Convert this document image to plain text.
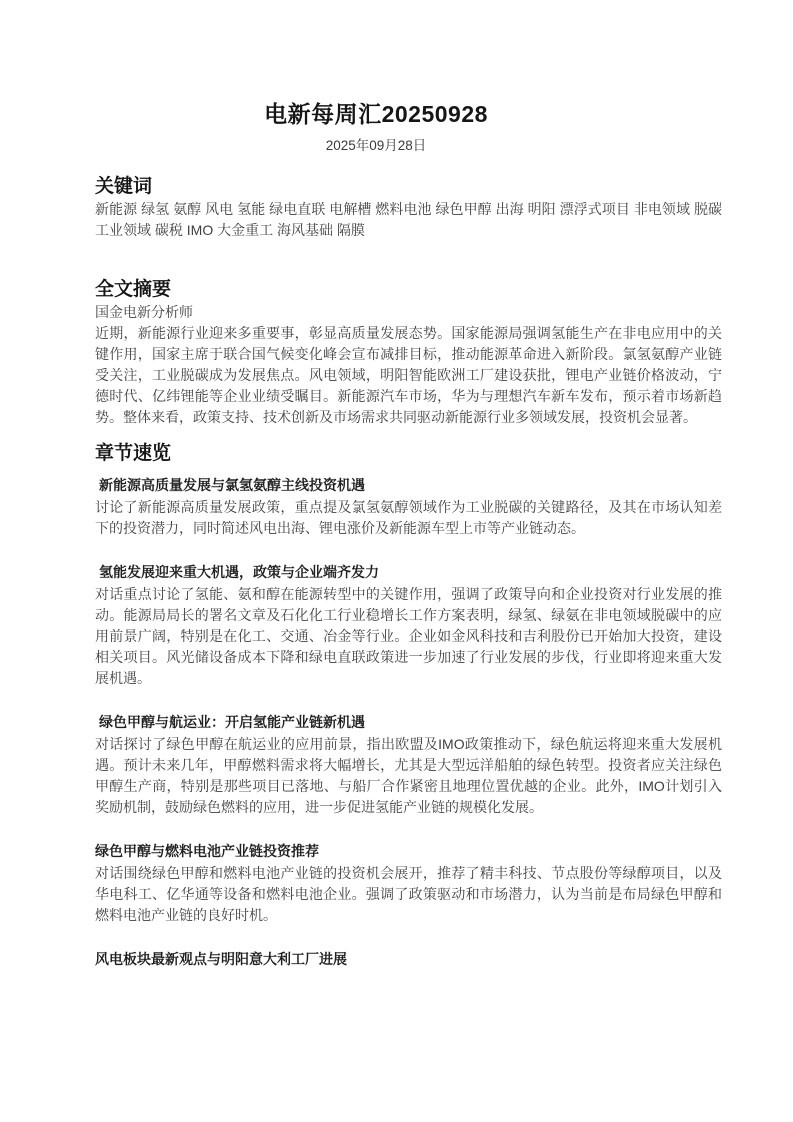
电新每周汇20250928

2025年09月28日

关键词

新能源 绿氢 氨醇 风电 氢能 绿电直联 电解槽 燃料电池 绿色甲醇 出海 明阳 漂浮式项目 非电领域 脱碳 工业领域 碳税 IMO 大金重工 海风基础 隔膜

全文摘要

国金电新分析师

近期，新能源行业迎来多重要事，彰显高质量发展态势。国家能源局强调氢能生产在非电应用中的关键作用，国家主席于联合国气候变化峰会宣布减排目标，推动能源革命进入新阶段。氯氢氨醇产业链受关注，工业脱碳成为发展焦点。风电领域，明阳智能欧洲工厂建设获批，锂电产业链价格波动，宁德时代、亿纬锂能等企业业绩受瞩目。新能源汽车市场，华为与理想汽车新车发布，预示着市场新趋势。整体来看，政策支持、技术创新及市场需求共同驱动新能源行业多领域发展，投资机会显著。

章节速览
新能源高质量发展与氯氢氨醇主线投资机遇

讨论了新能源高质量发展政策，重点提及氯氢氨醇领域作为工业脱碳的关键路径，及其在市场认知差下的投资潜力，同时简述风电出海、锂电涨价及新能源车型上市等产业链动态。

氢能发展迎来重大机遇，政策与企业端齐发力

对话重点讨论了氢能、氨和醇在能源转型中的关键作用，强调了政策导向和企业投资对行业发展的推动。能源局局长的署名文章及石化化工行业稳增长工作方案表明，绿氢、绿氨在非电领域脱碳中的应用前景广阔，特别是在化工、交通、冶金等行业。企业如金风科技和吉利股份已开始加大投资，建设相关项目。风光储设备成本下降和绿电直联政策进一步加速了行业发展的步伐，行业即将迎来重大发展机遇。

绿色甲醇与航运业：开启氢能产业链新机遇

对话探讨了绿色甲醇在航运业的应用前景，指出欧盟及IMO政策推动下，绿色航运将迎来重大发展机遇。预计未来几年，甲醇燃料需求将大幅增长，尤其是大型远洋船舶的绿色转型。投资者应关注绿色甲醇生产商，特别是那些项目已落地、与船厂合作紧密且地理位置优越的企业。此外，IMO计划引入奖励机制，鼓励绿色燃料的应用，进一步促进氢能产业链的规模化发展。

绿色甲醇与燃料电池产业链投资推荐

对话围绕绿色甲醇和燃料电池产业链的投资机会展开，推荐了精丰科技、节点股份等绿醇项目，以及华电科工、亿华通等设备和燃料电池企业。强调了政策驱动和市场潜力，认为当前是布局绿色甲醇和燃料电池产业链的良好时机。

风电板块最新观点与明阳意大利工厂进展
